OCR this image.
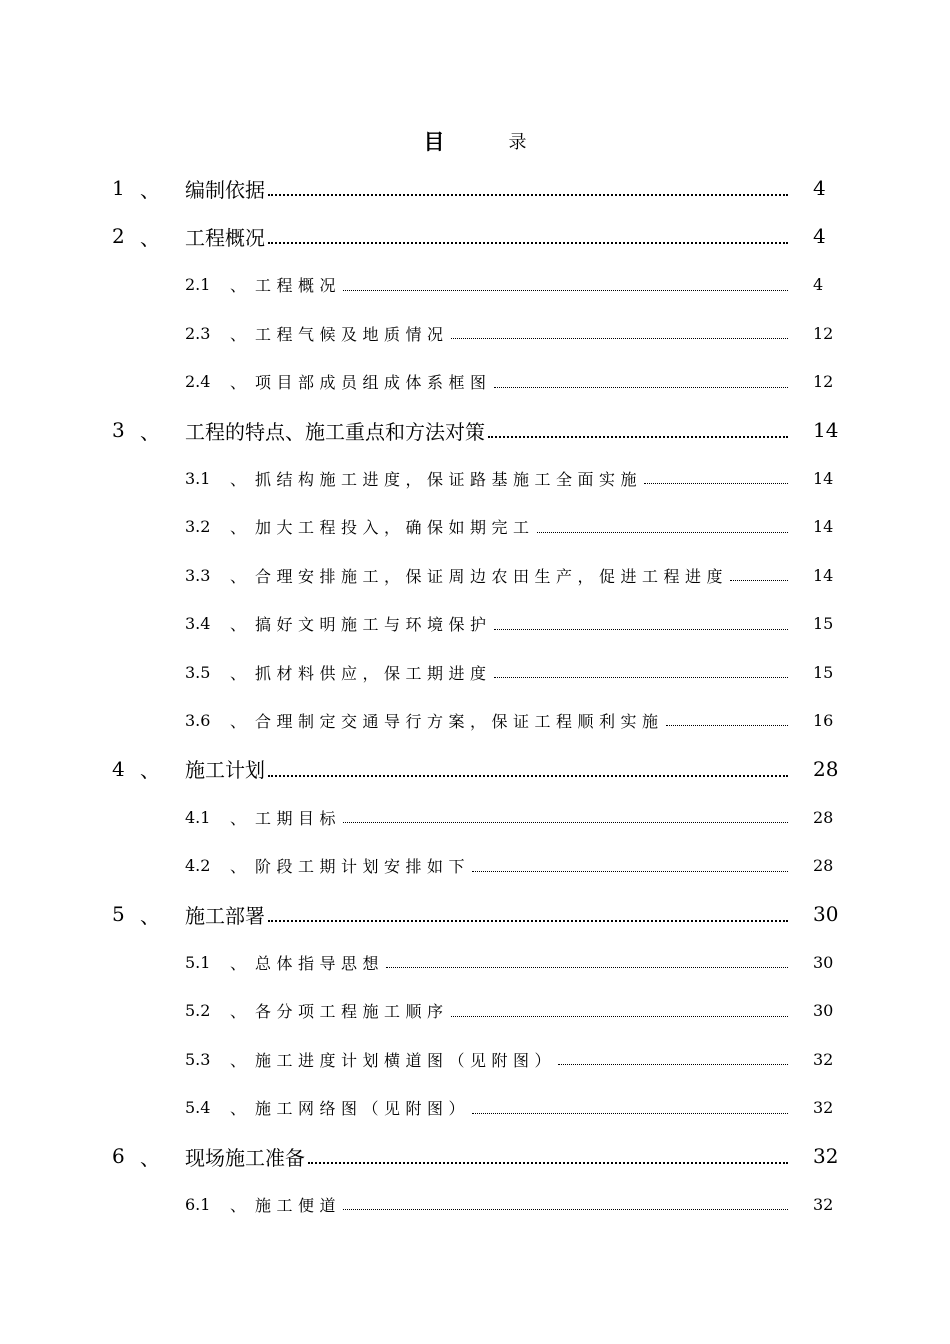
目	录
1 、 编制依据	4
2 、 工程概况	4
2.1 、 工程概况	4
2.3 、 工程气候及地质情况	12
2.4 、 项目部成员组成体系框图	12
3 、 工程的特点、施工重点和方法对策	14
3.1 、 抓结构施工进度，保证路基施工全面实施	14
3.2 、 加大工程投入，确保如期完工	14
3.3 、 合理安排施工，保证周边农田生产，促进工程进度	14
3.4 、 搞好文明施工与环境保护	15
3.5 、 抓材料供应，保工期进度	15
3.6 、 合理制定交通导行方案，保证工程顺利实施	16
4 、 施工计划	28
4.1 、 工期目标	28
4.2 、 阶段工期计划安排如下	28
5 、 施工部署	30
5.1 、 总体指导思想	30
5.2 、 各分项工程施工顺序	30
5.3 、 施工进度计划横道图（见附图）	32
5.4 、 施工网络图（见附图）	32
6 、 现场施工准备	32
6.1 、 施工便道	32
